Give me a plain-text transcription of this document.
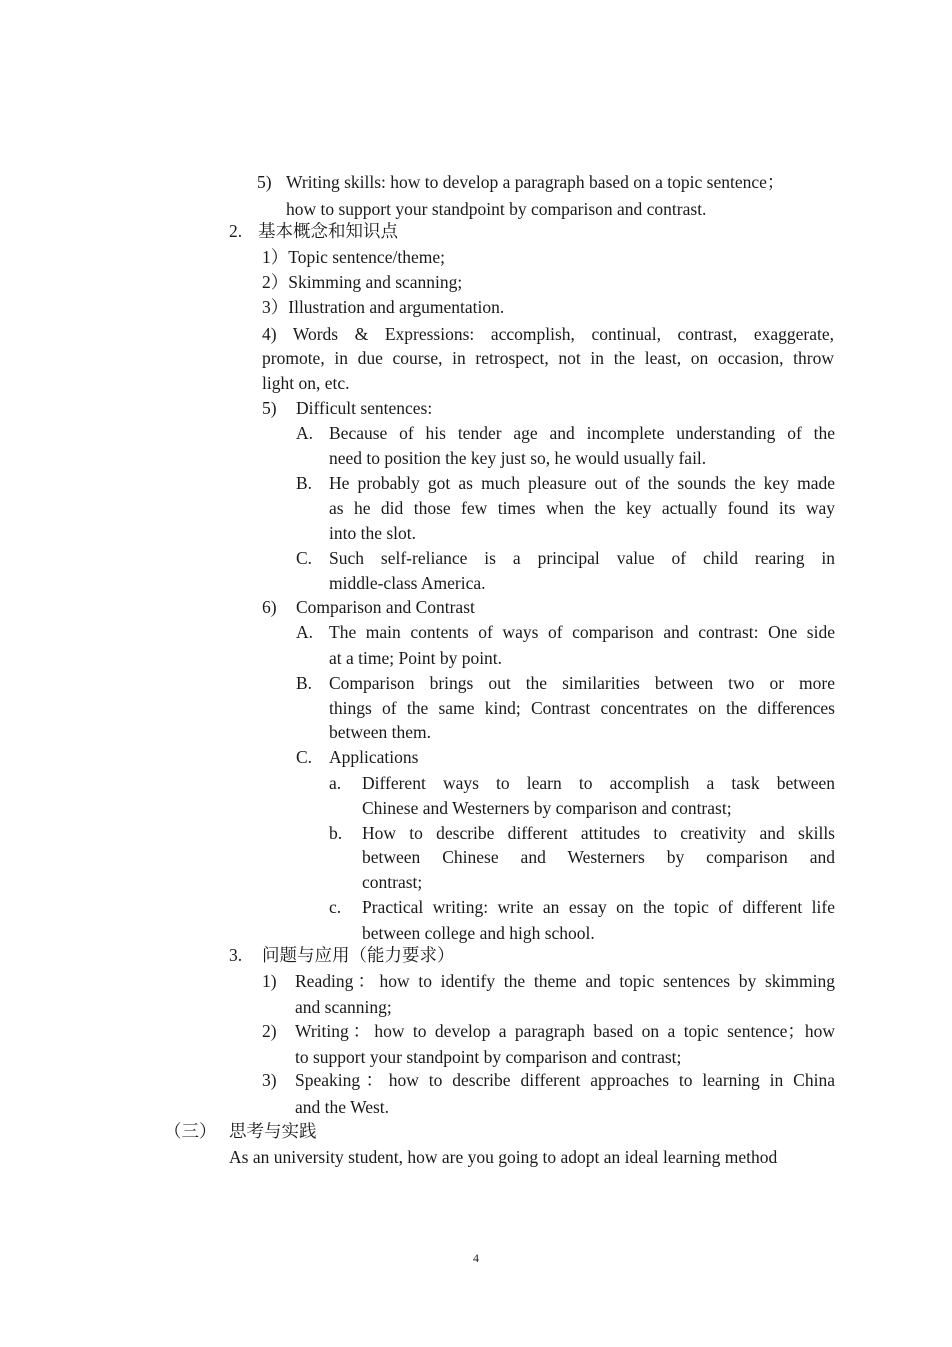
5) Writing skills: how to develop a paragraph based on a topic sentence；
how to support your standpoint by comparison and contrast.
2. 基本概念和知识点
1）Topic sentence/theme;
2）Skimming and scanning;
3）Illustration and argumentation.
4) Words & Expressions: accomplish, continual, contrast, exaggerate,
promote, in due course, in retrospect, not in the least, on occasion, throw
light on, etc.
5) Difficult sentences:
A. Because of his tender age and incomplete understanding of the
need to position the key just so, he would usually fail.
B. He probably got as much pleasure out of the sounds the key made
as he did those few times when the key actually found its way
into the slot.
C. Such self-reliance is a principal value of child rearing in
middle-class America.
6) Comparison and Contrast
A. The main contents of ways of comparison and contrast: One side
at a time; Point by point.
B. Comparison brings out the similarities between two or more
things of the same kind; Contrast concentrates on the differences
between them.
C. Applications
a. Different ways to learn to accomplish a task between
Chinese and Westerners by comparison and contrast;
b. How to describe different attitudes to creativity and skills
between Chinese and Westerners by comparison and
contrast;
c. Practical writing: write an essay on the topic of different life
between college and high school.
3. 问题与应用（能力要求）
1) Reading：how to identify the theme and topic sentences by skimming
and scanning;
2) Writing：how to develop a paragraph based on a topic sentence；how
to support your standpoint by comparison and contrast;
3) Speaking：how to describe different approaches to learning in China
and the West.
（三） 思考与实践
As an university student, how are you going to adopt an ideal learning method
4
